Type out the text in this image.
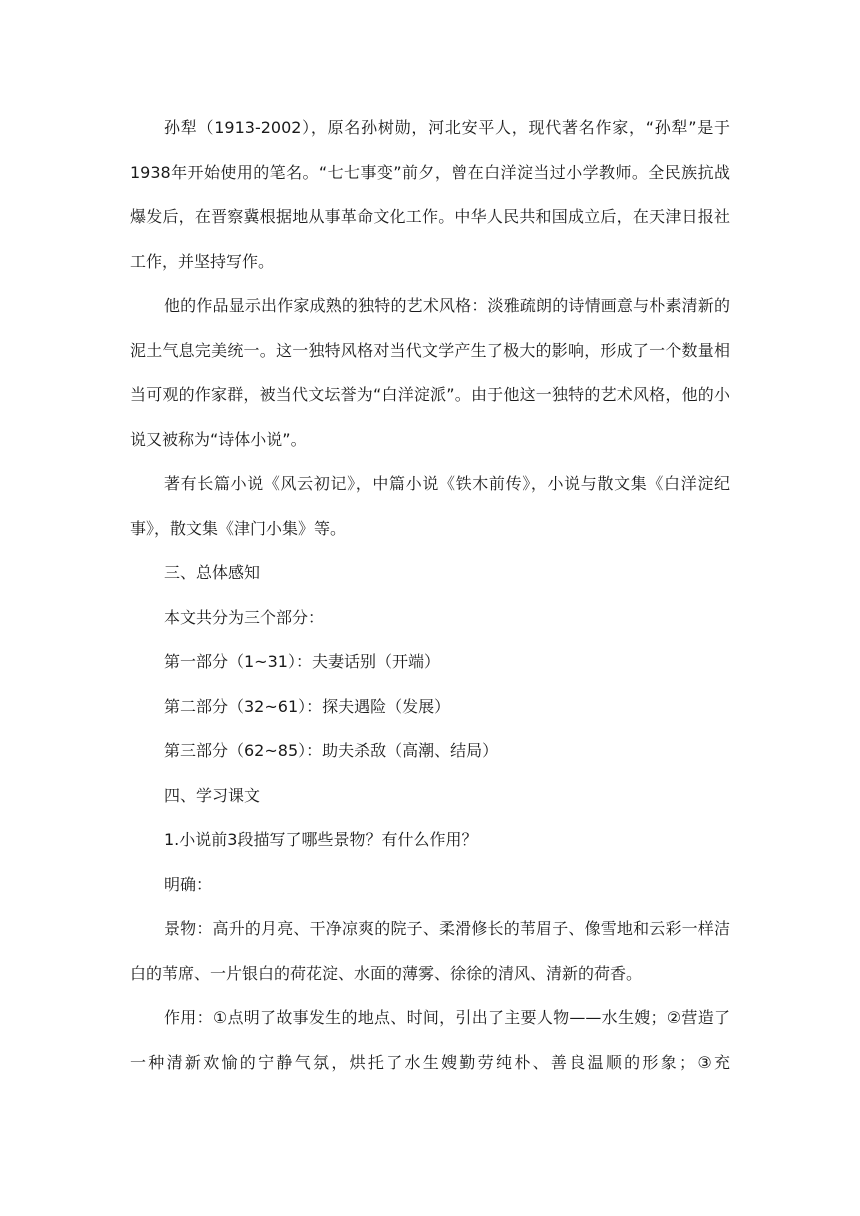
孙犁（1913-2002），原名孙树勋，河北安平人，现代著名作家，“孙犁”是于1938年开始使用的笔名。“七七事变”前夕，曾在白洋淀当过小学教师。全民族抗战爆发后，在晋察冀根据地从事革命文化工作。中华人民共和国成立后，在天津日报社工作，并坚持写作。

他的作品显示出作家成熟的独特的艺术风格：淡雅疏朗的诗情画意与朴素清新的泥土气息完美统一。这一独特风格对当代文学产生了极大的影响，形成了一个数量相当可观的作家群，被当代文坛誉为“白洋淀派”。由于他这一独特的艺术风格，他的小说又被称为“诗体小说”。

著有长篇小说《风云初记》，中篇小说《铁木前传》，小说与散文集《白洋淀纪事》，散文集《津门小集》等。

三、总体感知

本文共分为三个部分：

第一部分（1~31）：夫妻话别（开端）

第二部分（32~61）：探夫遇险（发展）

第三部分（62~85）：助夫杀敌（高潮、结局）

四、学习课文

1.小说前3段描写了哪些景物？有什么作用？

明确：

景物：高升的月亮、干净凉爽的院子、柔滑修长的苇眉子、像雪地和云彩一样洁白的苇席、一片银白的荷花淀、水面的薄雾、徐徐的清风、清新的荷香。

作用：①点明了故事发生的地点、时间，引出了主要人物——水生嫂；②营造了一种清新欢愉的宁静气氛，烘托了水生嫂勤劳纯朴、善良温顺的形象；③充
